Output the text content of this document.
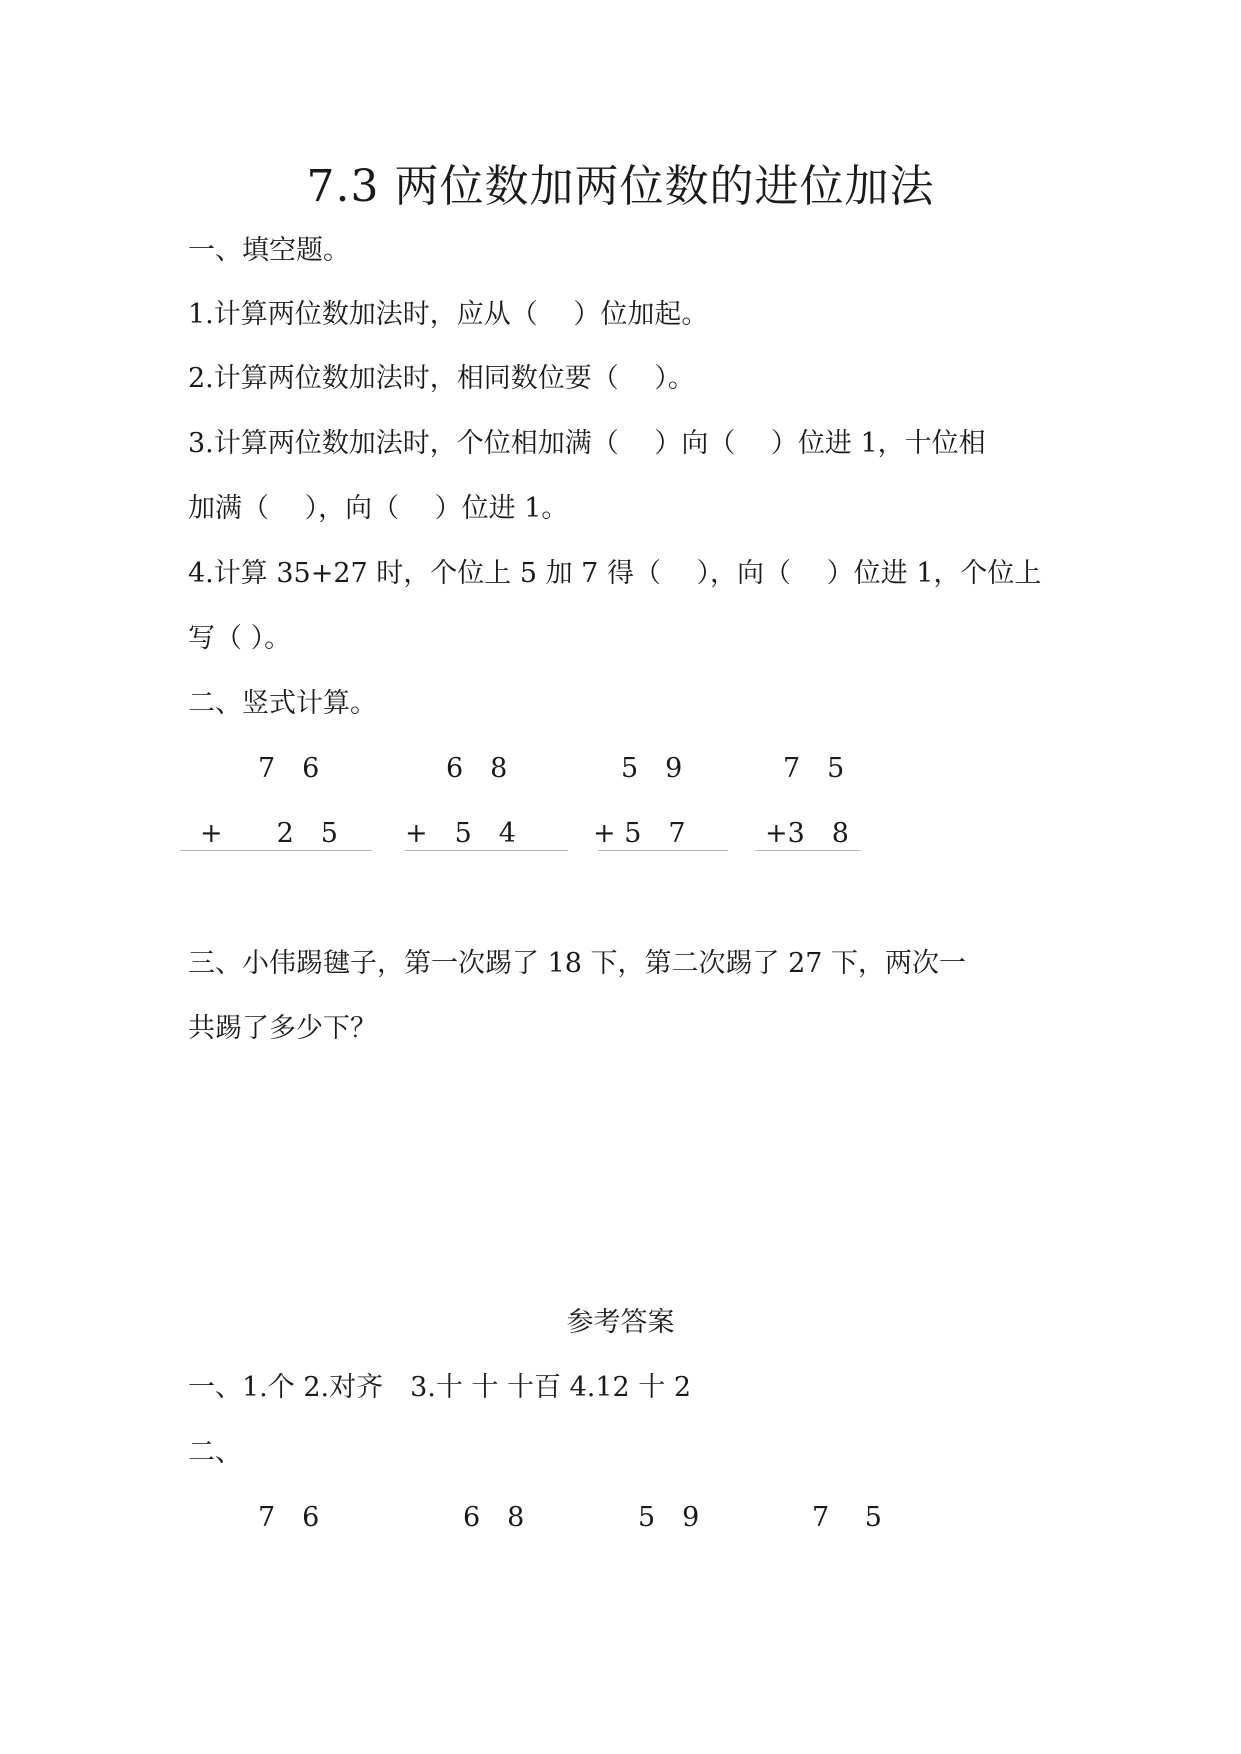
7.3 两位数加两位数的进位加法
一、填空题。
1.计算两位数加法时，应从（　 ）位加起。
2.计算两位数加法时，相同数位要（　 ）。
3.计算两位数加法时，个位相加满（　 ）向（　 ）位进 1，十位相
加满（　 ），向（　 ）位进 1。
4.计算 35+27 时，个位上 5 加 7 得（　 ），向（　 ）位进 1，个位上
写（ ）。
二、竖式计算。
7　6
+　　2　5
6　8
+　5　4
5　9
+ 5　7
7　5
+3　8
三、小伟踢毽子，第一次踢了 18 下，第二次踢了 27 下，两次一
共踢了多少下？
参考答案
一、1.个 2.对齐　3.十 十 十百 4.12 十 2
二、
7　6	6　8	5　9	7　 5
